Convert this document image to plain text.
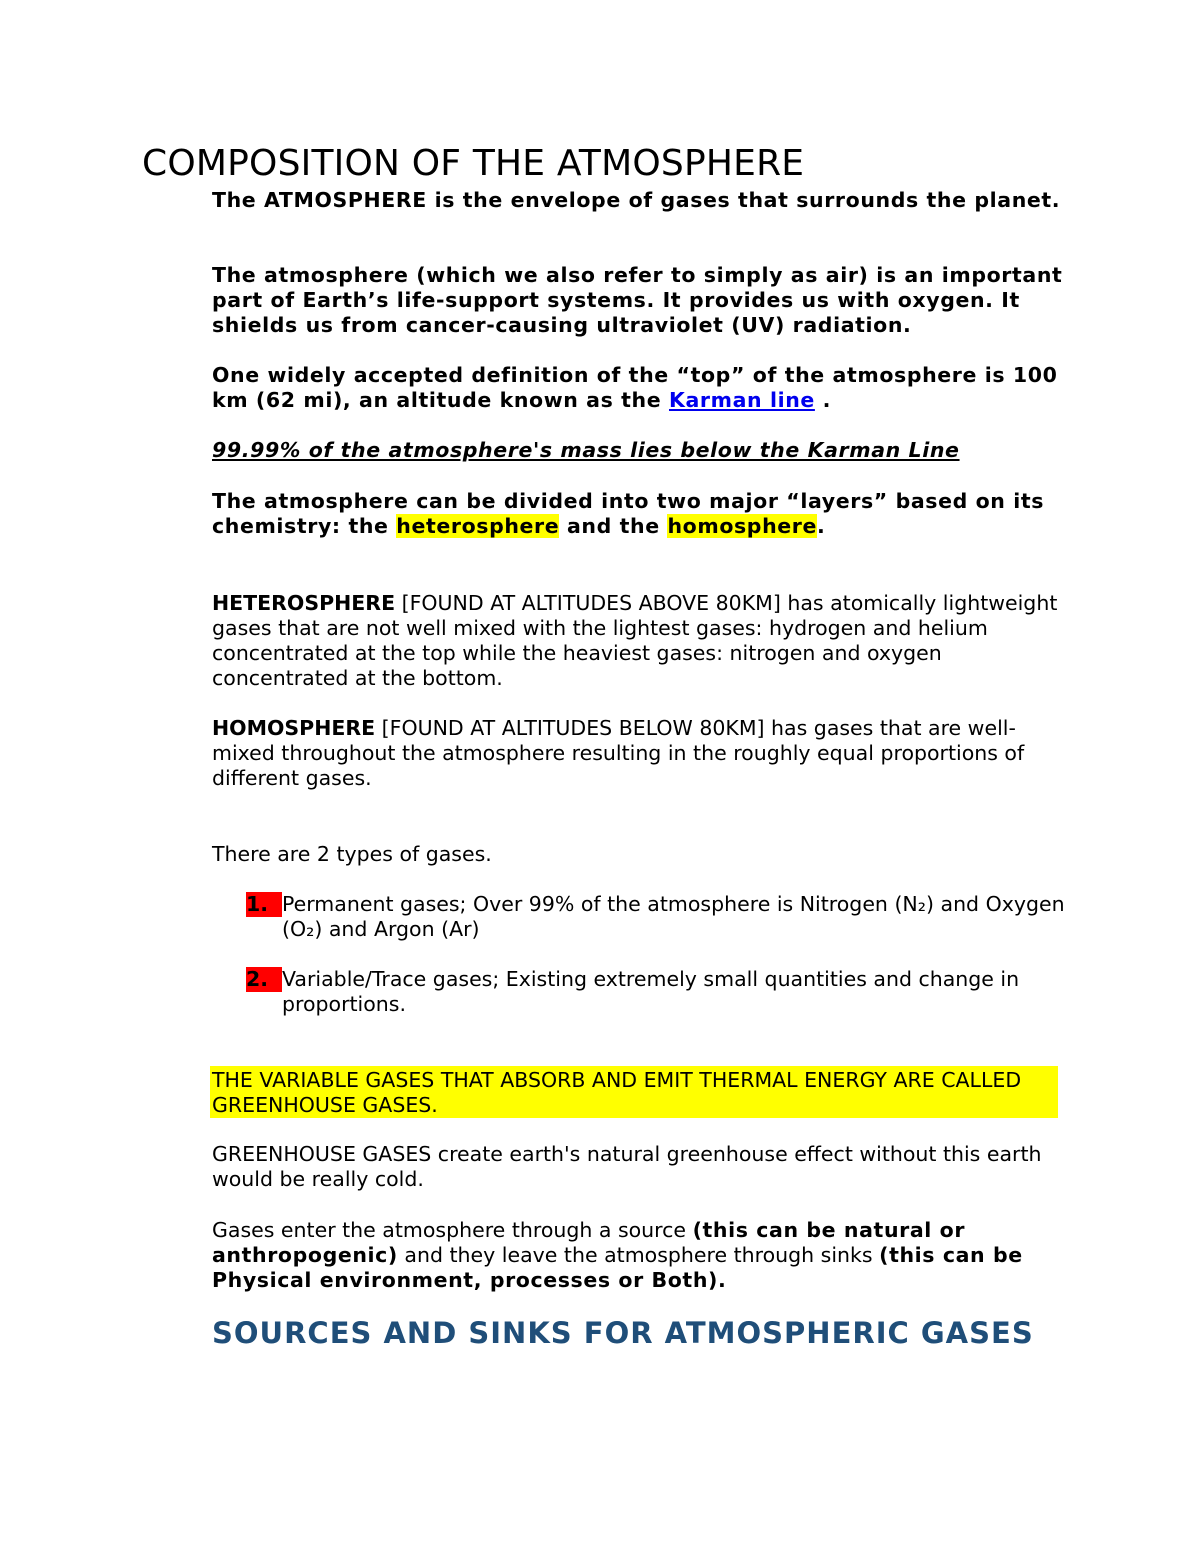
COMPOSITION OF THE ATMOSPHERE

The ATMOSPHERE is the envelope of gases that surrounds the planet.

The atmosphere (which we also refer to simply as air) is an important part of Earth’s life-support systems. It provides us with oxygen. It shields us from cancer-causing ultraviolet (UV) radiation.

One widely accepted definition of the “top” of the atmosphere is 100 km (62 mi), an altitude known as the Karman line .

99.99% of the atmosphere's mass lies below the Karman Line

The atmosphere can be divided into two major “layers” based on its chemistry: the heterosphere and the homosphere.

HETEROSPHERE [FOUND AT ALTITUDES ABOVE 80KM] has atomically lightweight gases that are not well mixed with the lightest gases: hydrogen and helium concentrated at the top while the heaviest gases: nitrogen and oxygen concentrated at the bottom.

HOMOSPHERE [FOUND AT ALTITUDES BELOW 80KM] has gases that are well-mixed throughout the atmosphere resulting in the roughly equal proportions of different gases.

There are 2 types of gases.

1. Permanent gases; Over 99% of the atmosphere is Nitrogen (N₂) and Oxygen (O₂) and Argon (Ar)

2. Variable/Trace gases; Existing extremely small quantities and change in proportions.

THE VARIABLE GASES THAT ABSORB AND EMIT THERMAL ENERGY ARE CALLED GREENHOUSE GASES.

GREENHOUSE GASES create earth's natural greenhouse effect without this earth would be really cold.

Gases enter the atmosphere through a source (this can be natural or anthropogenic) and they leave the atmosphere through sinks (this can be Physical environment, processes or Both).

SOURCES AND SINKS FOR ATMOSPHERIC GASES
